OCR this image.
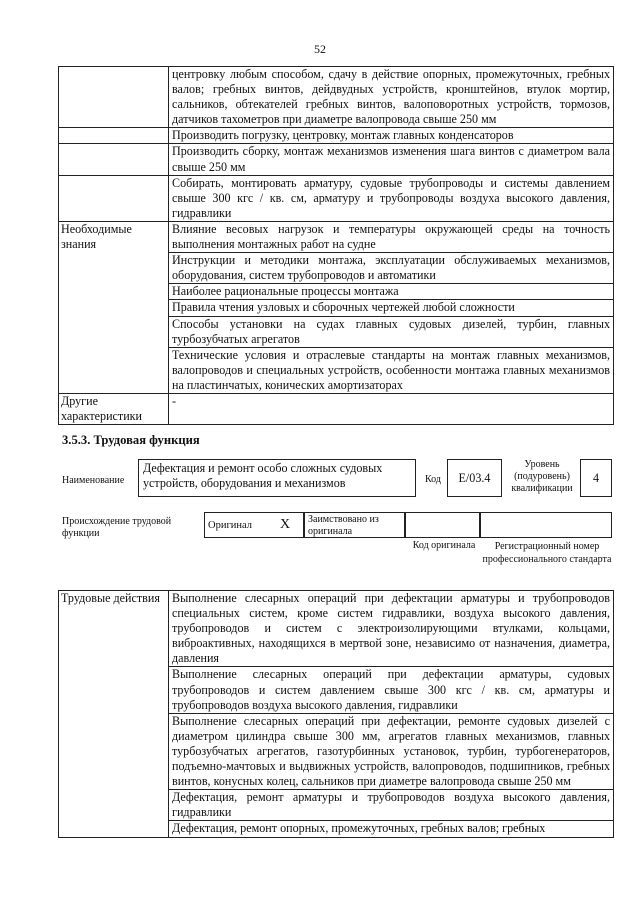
52
	центровку любым способом, сдачу в действие опорных, промежуточных, гребных валов; гребных винтов, дейдвудных устройств, кронштейнов, втулок мортир, сальников, обтекателей гребных винтов, валоповоротных устройств, тормозов, датчиков тахометров при диаметре валопровода свыше 250 мм
	Производить погрузку, центровку, монтаж главных конденсаторов
	Производить сборку, монтаж механизмов изменения шага винтов с диаметром вала свыше 250 мм
	Собирать, монтировать арматуру, судовые трубопроводы и системы давлением свыше 300 кгс / кв. см, арматуру и трубопроводы воздуха высокого давления, гидравлики
Необходимые знания	Влияние весовых нагрузок и температуры окружающей среды на точность выполнения монтажных работ на судне
	Инструкции и методики монтажа, эксплуатации обслуживаемых механизмов, оборудования, систем трубопроводов и автоматики
	Наиболее рациональные процессы монтажа
	Правила чтения узловых и сборочных чертежей любой сложности
	Способы установки на судах главных судовых дизелей, турбин, главных турбозубчатых агрегатов
	Технические условия и отраслевые стандарты на монтаж главных механизмов, валопроводов и специальных устройств, особенности монтажа главных механизмов на пластинчатых, конических амортизаторах
Другие характеристики	-
3.5.3. Трудовая функция
Наименование
Дефектация и ремонт особо сложных судовых устройств, оборудования и механизмов	Код	E/03.4
Уровень (подуровень) квалификации
4
Происхождение трудовой функции
Оригинал X Заимствовано из оригинала
Код оригинала	Регистрационный номер профессионального стандарта
Трудовые действия	Выполнение слесарных операций при дефектации арматуры и трубопроводов специальных систем, кроме систем гидравлики, воздуха высокого давления, трубопроводов и систем с электроизолирующими втулками, кольцами, виброактивных, находящихся в мертвой зоне, независимо от назначения, диаметра, давления
Выполнение слесарных операций при дефектации арматуры, судовых трубопроводов и систем давлением свыше 300 кгс / кв. см, арматуры и трубопроводов воздуха высокого давления, гидравлики
Выполнение слесарных операций при дефектации, ремонте судовых дизелей с диаметром цилиндра свыше 300 мм, агрегатов главных механизмов, главных турбозубчатых агрегатов, газотурбинных установок, турбин, турбогенераторов, подъемно-мачтовых и выдвижных устройств, валопроводов, подшипников, гребных винтов, конусных колец, сальников при диаметре валопровода свыше 250 мм
Дефектация, ремонт арматуры и трубопроводов воздуха высокого давления, гидравлики
Дефектация, ремонт опорных, промежуточных, гребных валов; гребных
